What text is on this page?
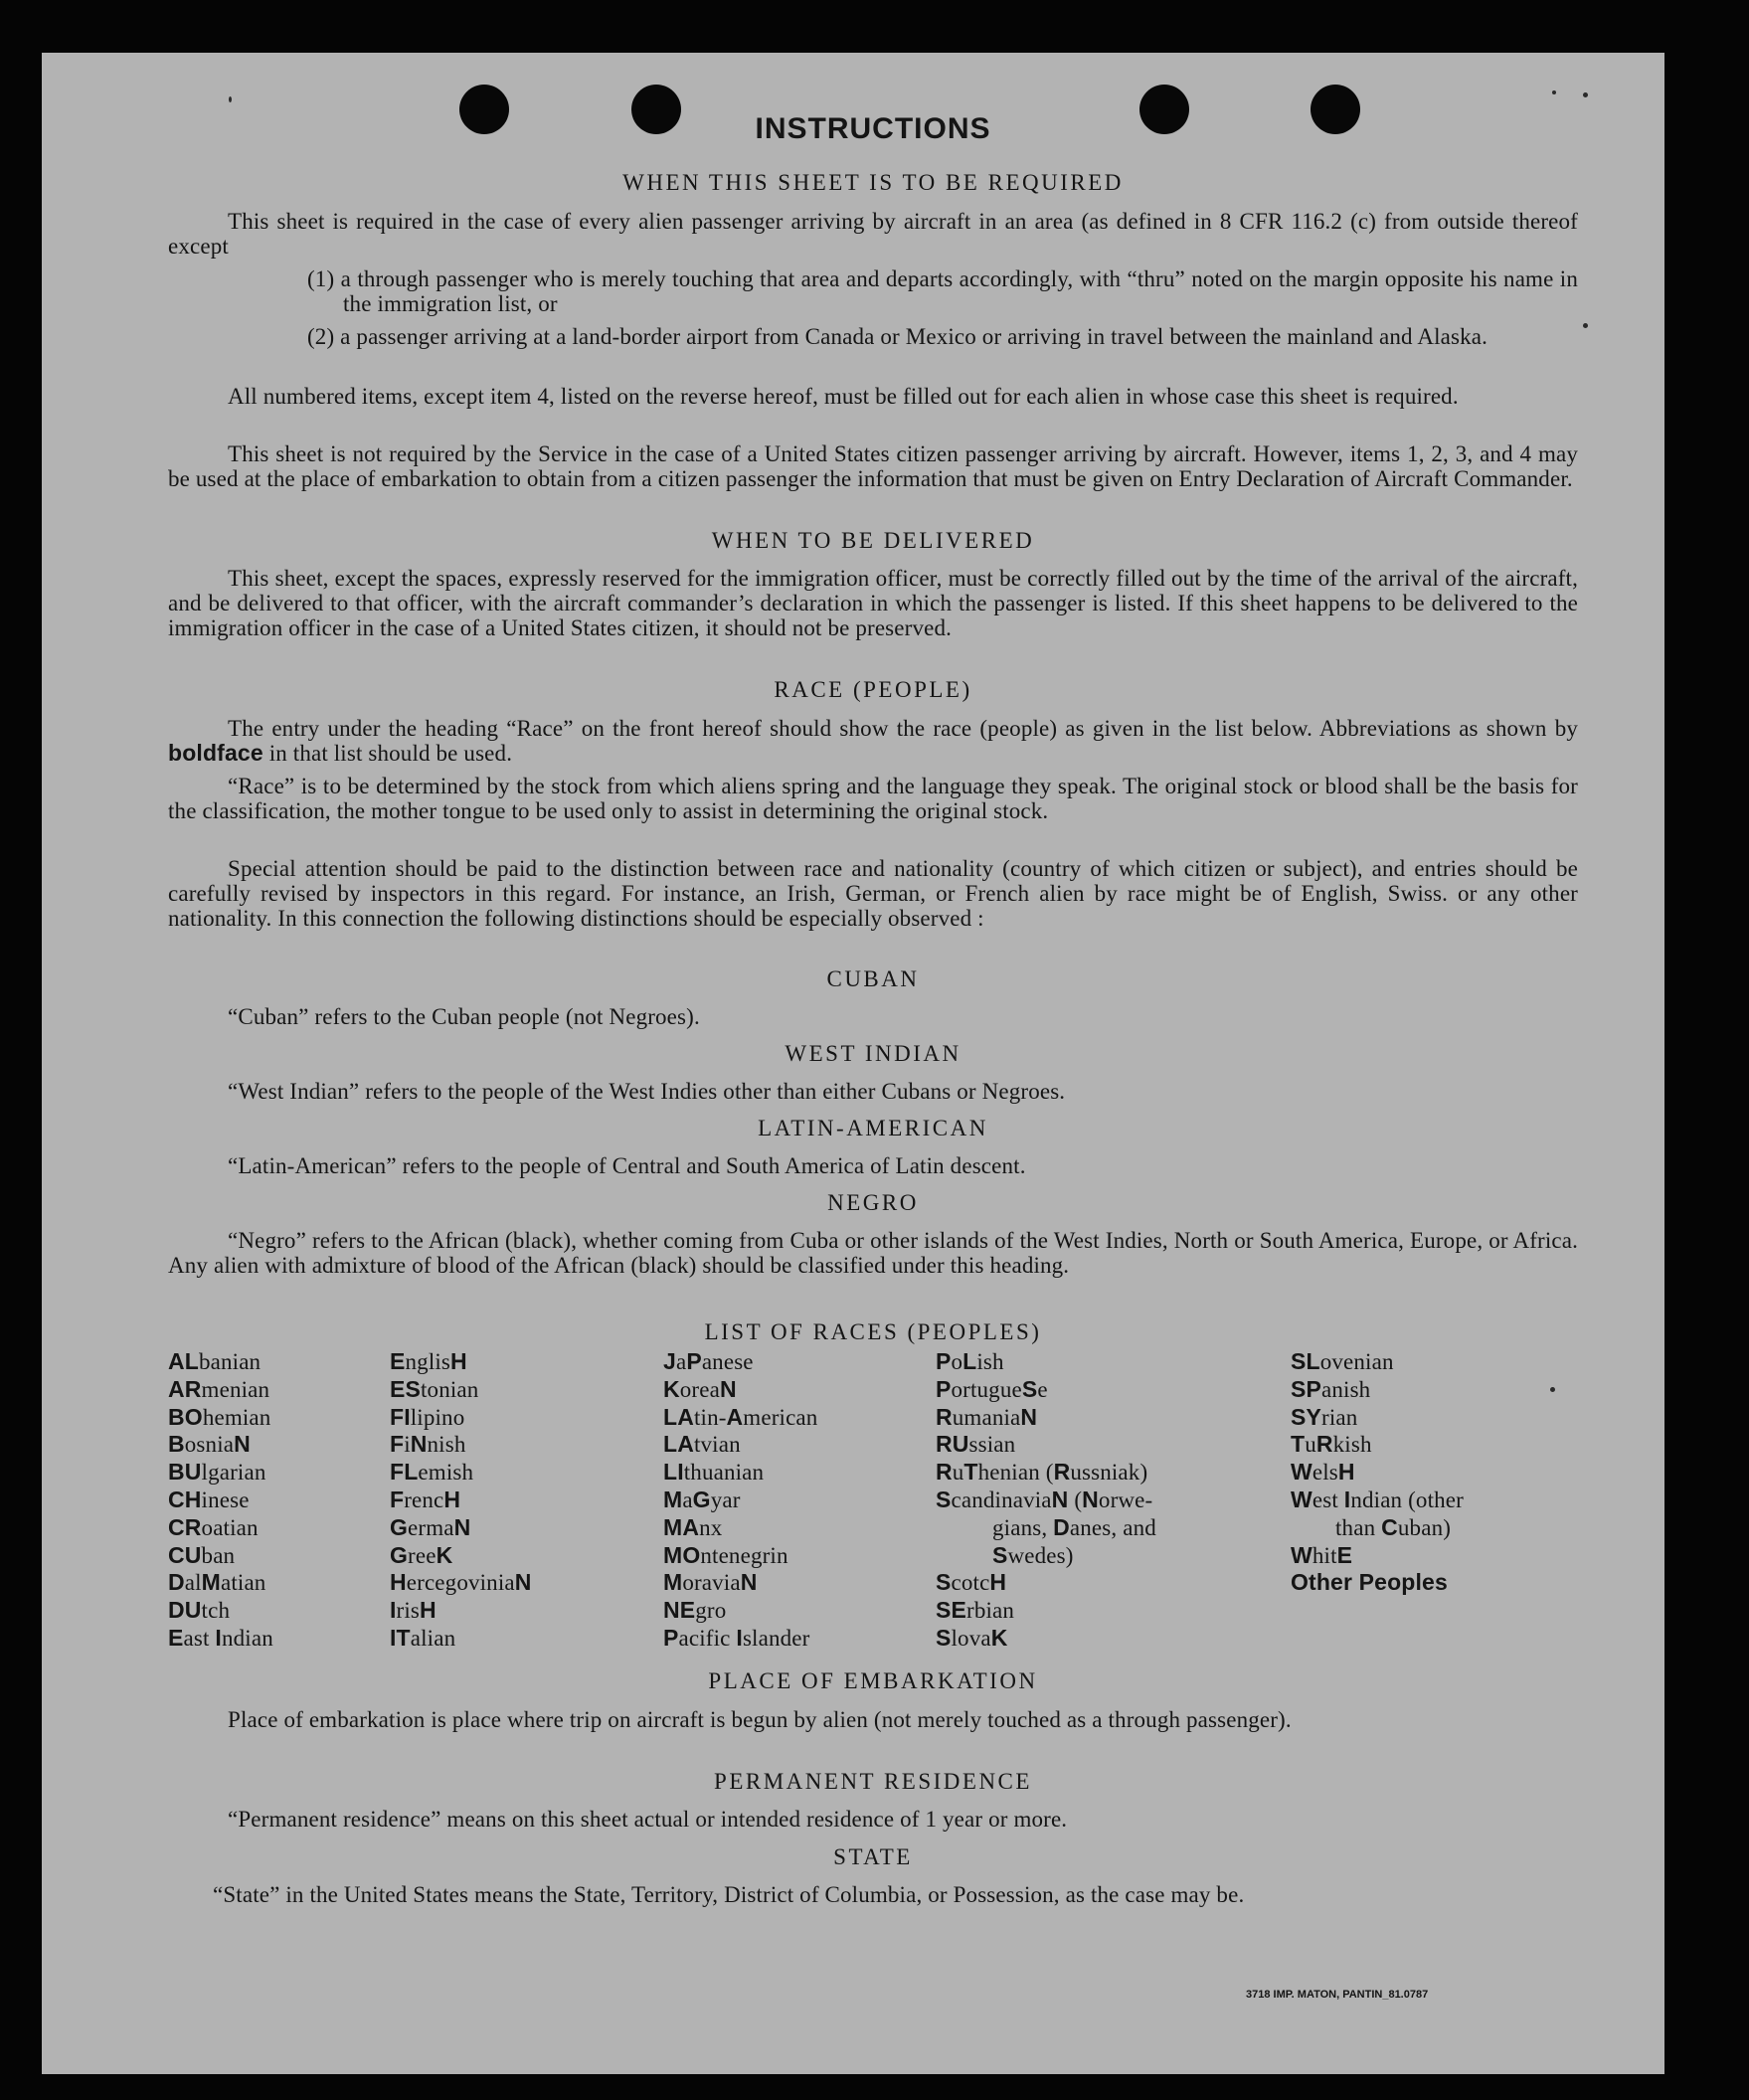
INSTRUCTIONS
WHEN THIS SHEET IS TO BE REQUIRED
This sheet is required in the case of every alien passenger arriving by aircraft in an area (as defined in 8 CFR 116.2 (c) from outside thereof except
(1) a through passenger who is merely touching that area and departs accordingly, with “thru” noted on the margin opposite his name in the immigration list, or
(2) a passenger arriving at a land-border airport from Canada or Mexico or arriving in travel between the mainland and Alaska.
All numbered items, except item 4, listed on the reverse hereof, must be filled out for each alien in whose case this sheet is required.
This sheet is not required by the Service in the case of a United States citizen passenger arriving by aircraft. However, items 1, 2, 3, and 4 may be used at the place of embarkation to obtain from a citizen passenger the information that must be given on Entry Declaration of Aircraft Commander.
WHEN TO BE DELIVERED
This sheet, except the spaces, expressly reserved for the immigration officer, must be correctly filled out by the time of the arrival of the aircraft, and be delivered to that officer, with the aircraft commander’s declaration in which the passenger is listed. If this sheet happens to be delivered to the immigration officer in the case of a United States citizen, it should not be preserved.
RACE (PEOPLE)
The entry under the heading “Race” on the front hereof should show the race (people) as given in the list below. Abbreviations as shown by boldface in that list should be used.
“Race” is to be determined by the stock from which aliens spring and the language they speak. The original stock or blood shall be the basis for the classification, the mother tongue to be used only to assist in determining the original stock.
Special attention should be paid to the distinction between race and nationality (country of which citizen or subject), and entries should be carefully revised by inspectors in this regard. For instance, an Irish, German, or French alien by race might be of English, Swiss. or any other nationality. In this connection the following distinctions should be especially observed :
CUBAN
“Cuban” refers to the Cuban people (not Negroes).
WEST INDIAN
“West Indian” refers to the people of the West Indies other than either Cubans or Negroes.
LATIN-AMERICAN
“Latin-American” refers to the people of Central and South America of Latin descent.
NEGRO
“Negro” refers to the African (black), whether coming from Cuba or other islands of the West Indies, North or South America, Europe, or Africa. Any alien with admixture of blood of the African (black) should be classified under this heading.
LIST OF RACES (PEOPLES)
ALbanian
ARmenian
BOhemian
BosniaN
BUlgarian
CHinese
CRoatian
CUban
DalMatian
DUtch
East Indian
EnglisH
EStonian
FIlipino
FiNnish
FLemish
FrencH
GermaN
GreeK
HercegoviniaN
IrisH
ITalian
JaPanese
KoreaN
LAtin-American
LAtvian
LIthuanian
MaGyar
MAnx
MOntenegrin
MoraviaN
NEgro
Pacific Islander
PoLish
PortugueSe
RumaniaN
RUssian
RuThenian (Russniak)
ScandinaviaN (Norwe-
gians, Danes, and
Swedes)
ScotcH
SErbian
SlovaK
SLovenian
SPanish
SYrian
TuRkish
WelsH
West Indian (other
than Cuban)
WhitE
Other Peoples
PLACE OF EMBARKATION
Place of embarkation is place where trip on aircraft is begun by alien (not merely touched as a through passenger).
PERMANENT RESIDENCE
“Permanent residence” means on this sheet actual or intended residence of 1 year or more.
STATE
“State” in the United States means the State, Territory, District of Columbia, or Possession, as the case may be.
3718 IMP. MATON, PANTIN_81.0787
